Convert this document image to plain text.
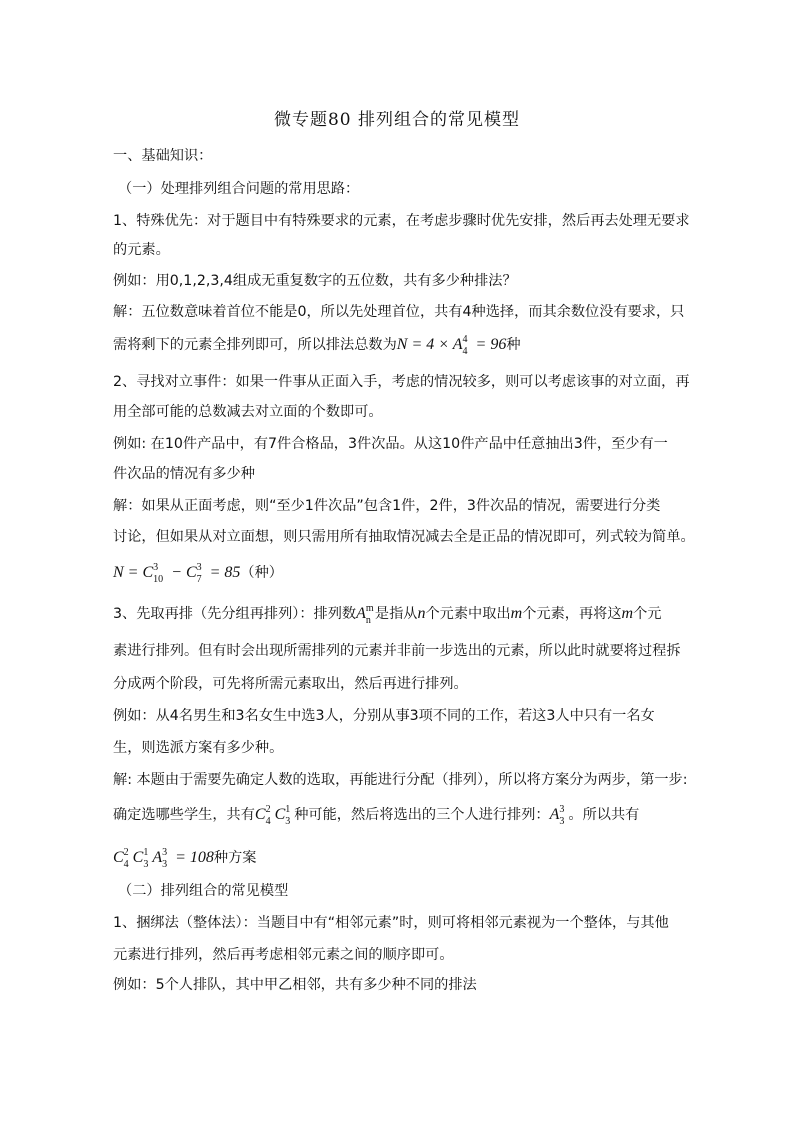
微专题80 排列组合的常见模型
一、基础知识：
（一）处理排列组合问题的常用思路：
1、特殊优先：对于题目中有特殊要求的元素，在考虑步骤时优先安排，然后再去处理无要求
的元素。
例如：用0,1,2,3,4组成无重复数字的五位数，共有多少种排法？
解：五位数意味着首位不能是0，所以先处理首位，共有4种选择，而其余数位没有要求，只
需将剩下的元素全排列即可，所以排法总数为N = 4 × A 4
4 = 96种
2、寻找对立事件：如果一件事从正面入手，考虑的情况较多，则可以考虑该事的对立面，再
用全部可能的总数减去对立面的个数即可。
例如: 在10件产品中，有7件合格品，3件次品。从这10件产品中任意抽出3件，至少有一
件次品的情况有多少种
解：如果从正面考虑，则“至少1件次品”包含1件，2件，3件次品的情况，需要进行分类
讨论，但如果从对立面想，则只需用所有抽取情况减去全是正品的情况即可，列式较为简单。
N = C 3
10 − C 3
7 = 85（种）
3、先取再排（先分组再排列）：排列数A m
n 是指从n个元素中取出m个元素，再将这m个元
素进行排列。但有时会出现所需排列的元素并非前一步选出的元素，所以此时就要将过程拆
分成两个阶段，可先将所需元素取出，然后再进行排列。
例如：从4名男生和3名女生中选3人，分别从事3项不同的工作，若这3人中只有一名女
生，则选派方案有多少种。
解: 本题由于需要先确定人数的选取，再能进行分配（排列），所以将方案分为两步，第一步:
确定选哪些学生，共有C 2
4 C 1
3 种可能，然后将选出的三个人进行排列：A 3
3 。所以共有
C 2
4 C 1
3 A 3
3 = 108种方案
（二）排列组合的常见模型
1、捆绑法（整体法）：当题目中有“相邻元素”时，则可将相邻元素视为一个整体，与其他
元素进行排列，然后再考虑相邻元素之间的顺序即可。
例如：5个人排队，其中甲乙相邻，共有多少种不同的排法
